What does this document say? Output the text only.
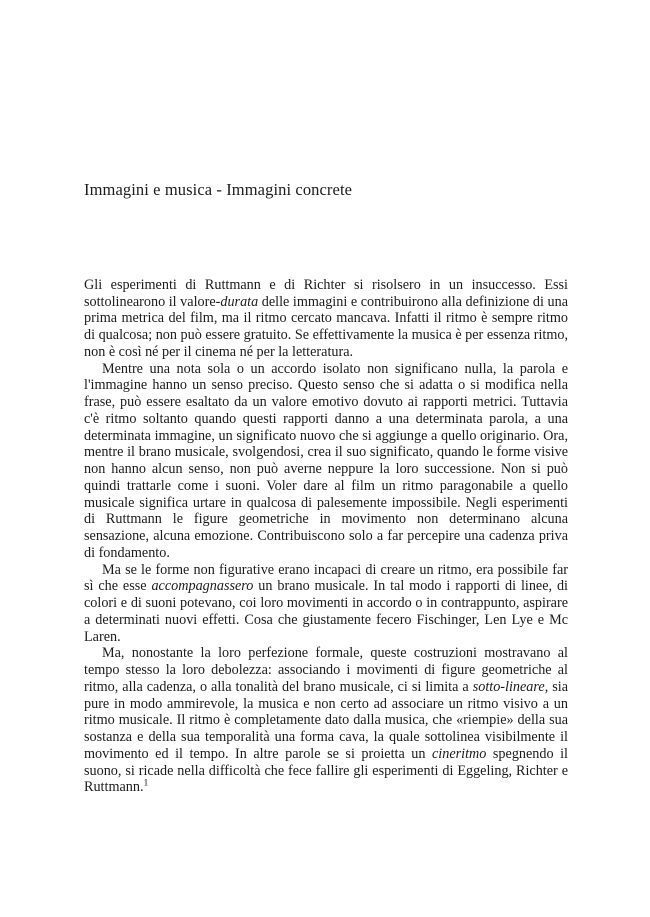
Immagini e musica - Immagini concrete

Gli esperimenti di Ruttmann e di Richter si risolsero in un insuccesso. Essi sottolinearono il valore-durata delle immagini e contribuirono alla definizione di una prima metrica del film, ma il ritmo cercato mancava. Infatti il ritmo è sempre ritmo di qualcosa; non può essere gratuito. Se effettivamente la musica è per essenza ritmo, non è così né per il cinema né per la letteratura.

Mentre una nota sola o un accordo isolato non significano nulla, la parola e l'immagine hanno un senso preciso. Questo senso che si adatta o si modifica nella frase, può essere esaltato da un valore emotivo dovuto ai rapporti metrici. Tuttavia c'è ritmo soltanto quando questi rapporti danno a una determinata parola, a una determinata immagine, un significato nuovo che si aggiunge a quello originario. Ora, mentre il brano musicale, svolgendosi, crea il suo significato, quando le forme visive non hanno alcun senso, non può averne neppure la loro successione. Non si può quindi trattarle come i suoni. Voler dare al film un ritmo paragonabile a quello musicale significa urtare in qualcosa di palesemente impossibile. Negli esperimenti di Ruttmann le figure geometriche in movimento non determinano alcuna sensazione, alcuna emozione. Contribuiscono solo a far percepire una cadenza priva di fondamento.

Ma se le forme non figurative erano incapaci di creare un ritmo, era possibile far sì che esse accompagnassero un brano musicale. In tal modo i rapporti di linee, di colori e di suoni potevano, coi loro movimenti in accordo o in contrappunto, aspirare a determinati nuovi effetti. Cosa che giustamente fecero Fischinger, Len Lye e Mc Laren.

Ma, nonostante la loro perfezione formale, queste costruzioni mostravano al tempo stesso la loro debolezza: associando i movimenti di figure geometriche al ritmo, alla cadenza, o alla tonalità del brano musicale, ci si limita a sotto-lineare, sia pure in modo ammirevole, la musica e non certo ad associare un ritmo visivo a un ritmo musicale. Il ritmo è completamente dato dalla musica, che «riempie» della sua sostanza e della sua temporalità una forma cava, la quale sottolinea visibilmente il movimento ed il tempo. In altre parole se si proietta un cineritmo spegnendo il suono, si ricade nella difficoltà che fece fallire gli esperimenti di Eggeling, Richter e Ruttmann.$^1$
